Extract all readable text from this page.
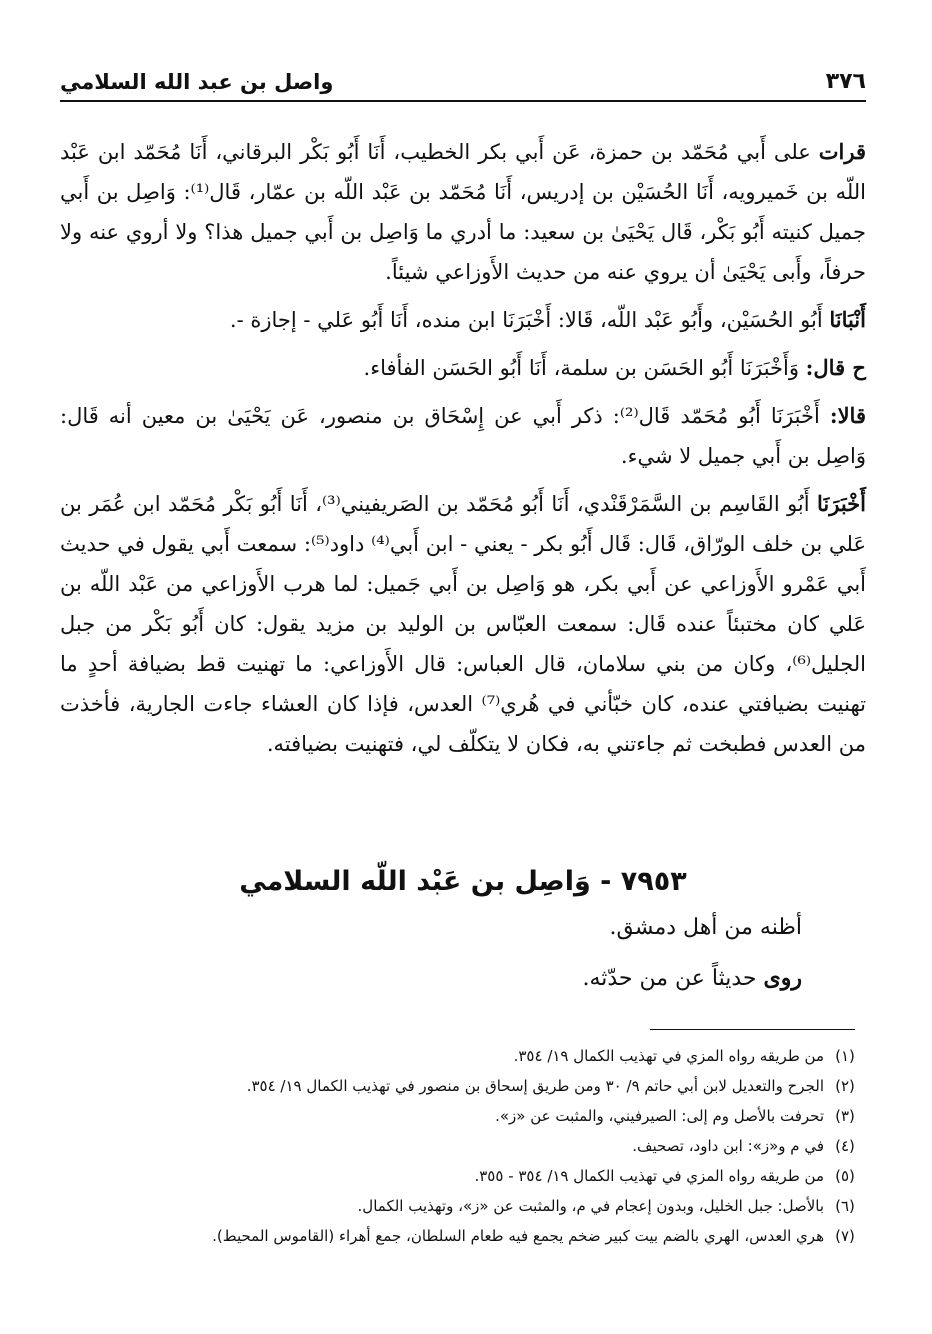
٣٧٦
واصل بن عبد الله السلامي

قرات على أَبي مُحَمّد بن حمزة، عَن أَبي بكر الخطيب، أَنَا أَبُو بَكْر البرقاني، أَنَا مُحَمّد ابن عَبْد اللّه بن خَميرويه، أَنَا الحُسَيْن بن إدريس، أَنَا مُحَمّد بن عَبْد اللّه بن عمّار، قَال⁽¹⁾: وَاصِل بن أَبي جميل كنيته أَبُو بَكْر، قَال يَحْيَىٰ بن سعيد: ما أدري ما وَاصِل بن أَبي جميل هذا؟ ولا أروي عنه ولا حرفاً، وأَبى يَحْيَىٰ أن يروي عنه من حديث الأَوزاعي شيئاً.

أَنْبَانَا أَبُو الحُسَيْن، وأَبُو عَبْد اللّه، قَالا: أَخْبَرَنَا ابن منده، أَنَا أَبُو عَلي - إجازة -.

ح قال: وَأَخْبَرَنَا أَبُو الحَسَن بن سلمة، أَنَا أَبُو الحَسَن الفأفاء.

قالا: أَخْبَرَنَا أَبُو مُحَمّد قَال⁽²⁾: ذكر أَبي عن إِسْحَاق بن منصور، عَن يَحْيَىٰ بن معين أنه قَال: وَاصِل بن أَبي جميل لا شيء.

أَخْبَرَنَا أَبُو القَاسِم بن السَّمَرْقَنْدي، أَنَا أَبُو مُحَمّد بن الصَريفيني⁽³⁾، أَنَا أَبُو بَكْر مُحَمّد ابن عُمَر بن عَلي بن خلف الورّاق، قَال: قَال أَبُو بكر - يعني - ابن أَبي⁽⁴⁾ داود⁽⁵⁾: سمعت أَبي يقول في حديث أَبي عَمْرو الأَوزاعي عن أَبي بكر، هو وَاصِل بن أَبي جَميل: لما هرب الأَوزاعي من عَبْد اللّه بن عَلي كان مختبئاً عنده قَال: سمعت العبّاس بن الوليد بن مزيد يقول: كان أَبُو بَكْر من جبل الجليل⁽⁶⁾، وكان من بني سلامان، قال العباس: قال الأَوزاعي: ما تهنيت قط بضيافة أحدٍ ما تهنيت بضيافتي عنده، كان خبّأني في هُري⁽⁷⁾ العدس، فإذا كان العشاء جاءت الجارية، فأخذت من العدس فطبخت ثم جاءتني به، فكان لا يتكلّف لي، فتهنيت بضيافته.

٧٩٥٣ - وَاصِل بن عَبْد اللّه السلامي
أظنه من أهل دمشق.
روى حديثاً عن من حدّثه.
(١)
من طريقه رواه المزي في تهذيب الكمال ١٩/ ٣٥٤.
(٢)
الجرح والتعديل لابن أبي حاتم ٩/ ٣٠ ومن طريق إسحاق بن منصور في تهذيب الكمال ١٩/ ٣٥٤.
(٣)
تحرفت بالأصل وم إلى: الصيرفيني، والمثبت عن «ز».
(٤)
في م و«ز»: ابن داود، تصحيف.
(٥)
من طريقه رواه المزي في تهذيب الكمال ١٩/ ٣٥٤ - ٣٥٥.
(٦)
بالأصل: جبل الخليل، وبدون إعجام في م، والمثبت عن «ز»، وتهذيب الكمال.
(٧)
هري العدس، الهري بالضم بيت كبير ضخم يجمع فيه طعام السلطان، جمع أهراء (القاموس المحيط).
